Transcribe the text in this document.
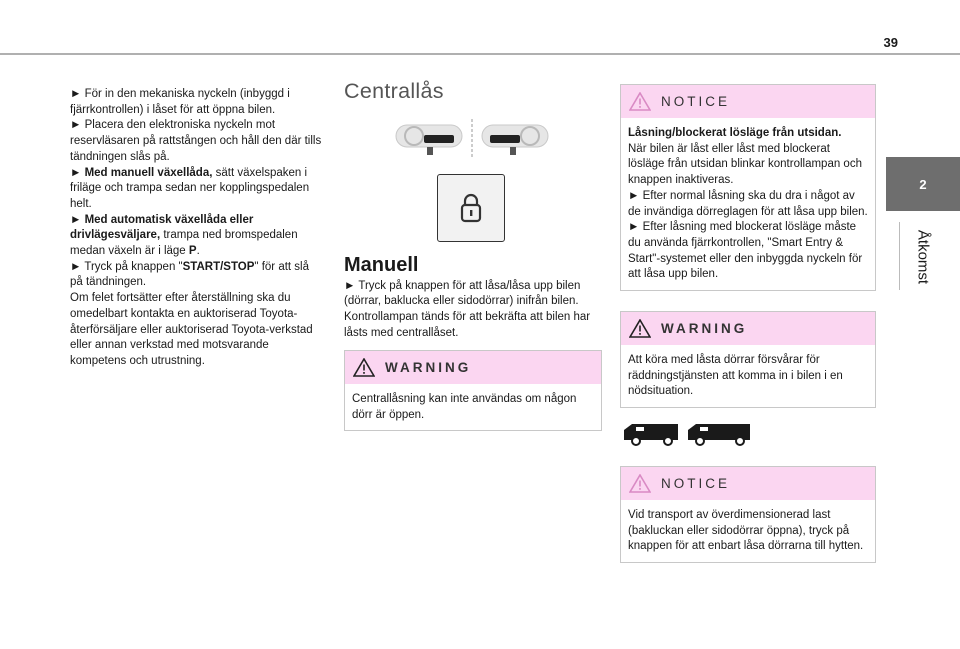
39
2
Åtkomst

► För in den mekaniska nyckeln (inbyggd i fjärrkontrollen) i låset för att öppna bilen.

► Placera den elektroniska nyckeln mot reservläsaren på rattstången och håll den där tills tändningen slås på.

► Med manuell växellåda, sätt växelspaken i friläge och trampa sedan ner kopplingspedalen helt.

► Med automatisk växellåda eller drivlägesväljare, trampa ned bromspedalen medan växeln är i läge P.

► Tryck på knappen "START/STOP" för att slå på tändningen.

Om felet fortsätter efter återställning ska du omedelbart kontakta en auktoriserad Toyota-återförsäljare eller auktoriserad Toyota-verkstad eller annan verkstad med motsvarande kompetens och utrustning.

Centrallås
Manuell

► Tryck på knappen för att låsa/låsa upp bilen (dörrar, baklucka eller sidodörrar) inifrån bilen.

Kontrollampan tänds för att bekräfta att bilen har låsts med centrallåset.

WARNING

Centrallåsning kan inte användas om någon dörr är öppen.

NOTICE

Låsning/blockerat lösläge från utsidan.

När bilen är låst eller låst med blockerat lösläge från utsidan blinkar kontrollampan och knappen inaktiveras.

► Efter normal låsning ska du dra i något av de invändiga dörreglagen för att låsa upp bilen.

► Efter låsning med blockerat lösläge måste du använda fjärrkontrollen, "Smart Entry & Start"-systemet eller den inbyggda nyckeln för att låsa upp bilen.

WARNING

Att köra med låsta dörrar försvårar för räddningstjänsten att komma in i bilen i en nödsituation.

NOTICE

Vid transport av överdimensionerad last (bakluckan eller sidodörrar öppna), tryck på knappen för att enbart låsa dörrarna till hytten.
